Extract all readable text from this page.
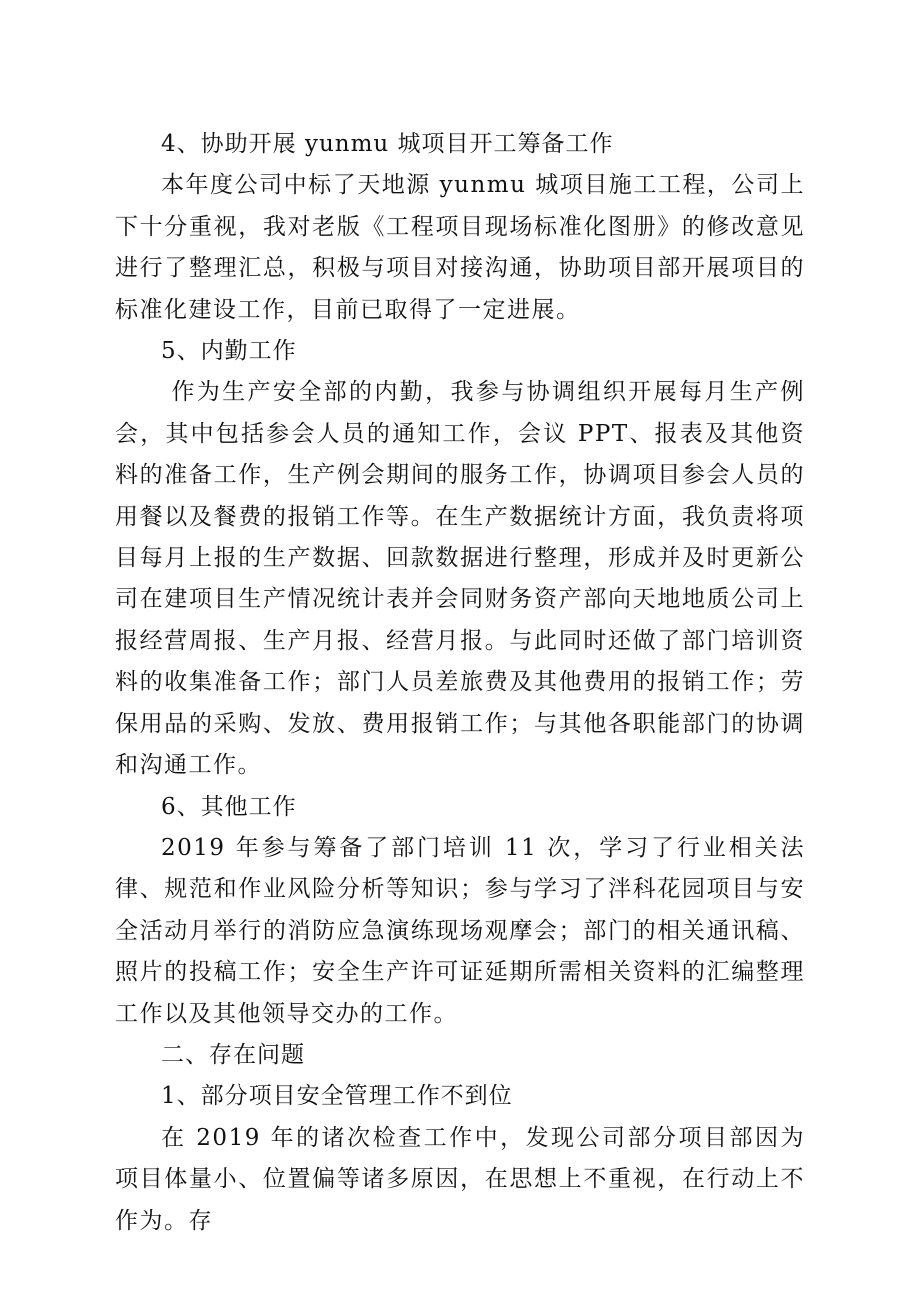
4、协助开展 yunmu 城项目开工筹备工作

本年度公司中标了天地源 yunmu 城项目施工工程，公司上下十分重视，我对老版《工程项目现场标准化图册》的修改意见进行了整理汇总，积极与项目对接沟通，协助项目部开展项目的标准化建设工作，目前已取得了一定进展。

5、内勤工作

作为生产安全部的内勤，我参与协调组织开展每月生产例会，其中包括参会人员的通知工作，会议 PPT、报表及其他资料的准备工作，生产例会期间的服务工作，协调项目参会人员的用餐以及餐费的报销工作等。在生产数据统计方面，我负责将项目每月上报的生产数据、回款数据进行整理，形成并及时更新公司在建项目生产情况统计表并会同财务资产部向天地地质公司上报经营周报、生产月报、经营月报。与此同时还做了部门培训资料的收集准备工作；部门人员差旅费及其他费用的报销工作；劳保用品的采购、发放、费用报销工作；与其他各职能部门的协调和沟通工作。

6、其他工作

2019 年参与筹备了部门培训 11 次，学习了行业相关法律、规范和作业风险分析等知识；参与学习了泮科花园项目与安全活动月举行的消防应急演练现场观摩会；部门的相关通讯稿、照片的投稿工作；安全生产许可证延期所需相关资料的汇编整理工作以及其他领导交办的工作。

二、存在问题

1、部分项目安全管理工作不到位

在 2019 年的诸次检查工作中，发现公司部分项目部因为项目体量小、位置偏等诸多原因，在思想上不重视，在行动上不作为。存
